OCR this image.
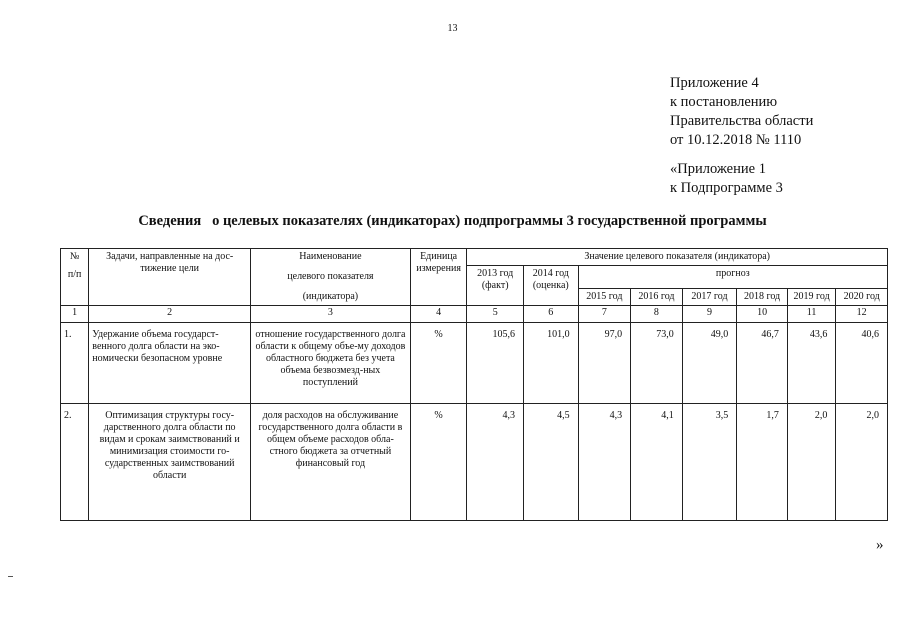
13
Приложение 4
к постановлению
Правительства области
от 10.12.2018 № 1110
«Приложение 1
к Подпрограмме 3
Сведения   о целевых показателях (индикаторах) подпрограммы 3 государственной программы
№
п/п	Задачи, направленные на дос-тижение цели	Наименование
целевого показателя
(индикатора)	Единица измерения	Значение целевого показателя (индикатора)							
				2013 год (факт)	2014 год (оценка)	прогноз					
						2015 год	2016 год	2017 год	2018 год	2019 год	2020 год
1	2	3	4	5	6	7	8	9	10	11	12
1.	Удержание объема государст-венного долга области на эко-номически безопасном уровне	отношение государственного долга области к общему объе-му доходов областного бюджета без учета объема безвозмезд-ных поступлений	%	105,6	101,0	97,0	73,0	49,0	46,7	43,6	40,6
2.	Оптимизация структуры госу-дарственного долга области по видам и срокам заимствований и минимизация стоимости го-сударственных заимствований области	доля расходов на обслуживание государственного долга области в общем объеме расходов обла-стного бюджета за отчетный финансовый год	%	4,3	4,5	4,3	4,1	3,5	1,7	2,0	2,0
»
